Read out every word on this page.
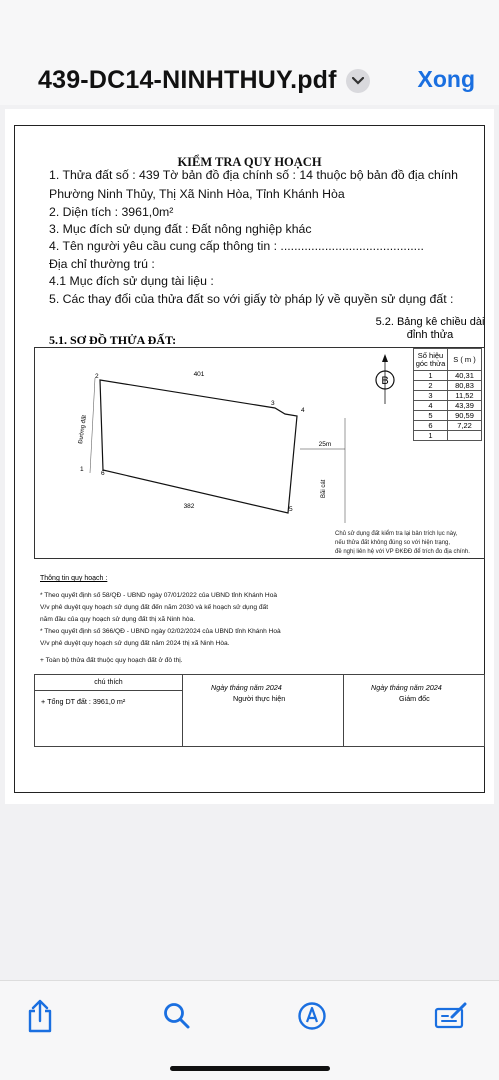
439-DC14-NINHTHUY.pdf	Xong
KIỂM TRA QUY HOẠCH
1. Thửa đất số : 439 Tờ bản đồ địa chính số : 14 thuộc bộ bản đồ địa chính
Phường Ninh Thủy, Thị Xã Ninh Hòa, Tỉnh Khánh Hòa
2. Diện tích : 3961,0m²
3. Mục đích sử dụng đất : Đất nông nghiệp khác
4. Tên người yêu cầu cung cấp thông tin : ..........................................
Địa chỉ thường trú :
4.1 Mục đích sử dụng tài liệu :
5. Các thay đổi của thửa đất so với giấy tờ pháp lý về quyền sử dụng đất :
5.2. Bảng kê chiều dài
đỉnh thửa
5.1. SƠ ĐỒ THỬA ĐẤT:
B
401
382
25m
Đường đất
Bãi cát
2
3
4
5
1
6
Số hiệu góc thửa	S ( m )
1	40,31
2	80,83
3	11,52
4	43,39
5	90,59
6	7,22
1	
Chủ sử dụng đất kiểm tra lại bản trích lục này,
nếu thửa đất không đúng so với hiện trạng,
đề nghị liên hệ với VP ĐKĐĐ để trích đo địa chính.
Thông tin quy hoạch :
* Theo quyết định số 58/QĐ - UBND ngày 07/01/2022 của UBND tỉnh Khánh Hoà
V/v phê duyệt quy hoạch sử dụng đất đến năm 2030 và kế hoạch sử dụng đất
năm đầu của quy hoạch sử dụng đất thị xã Ninh hòa.
* Theo quyết định số 366/QĐ - UBND ngày 02/02/2024 của UBND tỉnh Khánh Hoà
V/v phê duyệt quy hoạch sử dụng đất năm 2024 thị xã Ninh Hòa.
+ Toàn bộ thửa đất thuộc quy hoạch đất ở đô thị.
chú thích
+ Tổng DT đất : 3961,0 m²
Ngày tháng năm 2024
Người thực hiện
Ngày tháng năm 2024
Giám đốc
